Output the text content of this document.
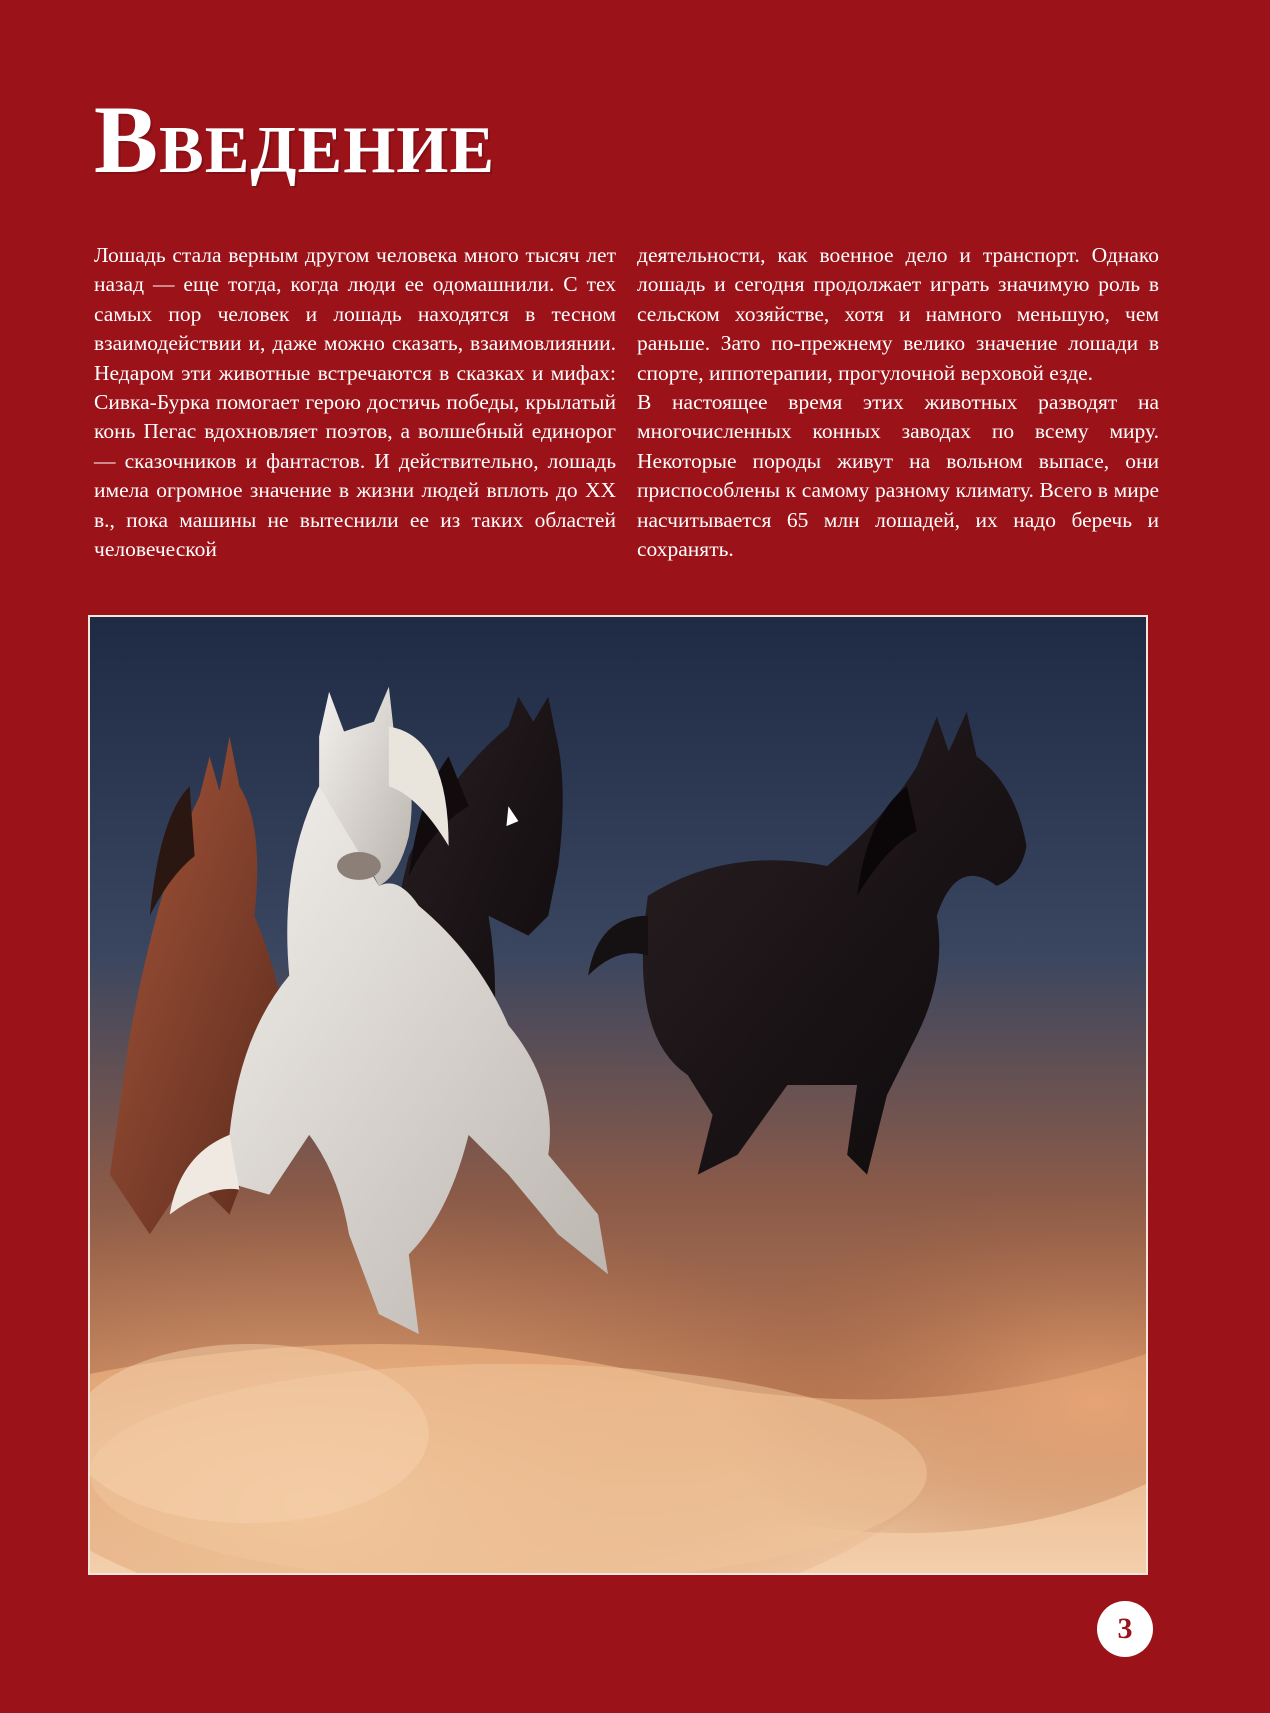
Введение

Лошадь стала верным другом человека много тысяч лет назад — еще тогда, когда люди ее одомашнили. С тех самых пор человек и лошадь находятся в тесном взаимодействии и, даже можно сказать, взаимовлиянии. Недаром эти животные встречаются в сказках и мифах: Сивка-Бурка помогает герою достичь победы, крылатый конь Пегас вдохновляет поэтов, а волшебный единорог — сказочников и фантастов. И действительно, лошадь имела огромное значение в жизни людей вплоть до XX в., пока машины не вытеснили ее из таких областей человеческой

деятельности, как военное дело и транспорт. Однако лошадь и сегодня продолжает играть значимую роль в сельском хозяйстве, хотя и намного меньшую, чем раньше. Зато по-прежнему велико значение лошади в спорте, иппотерапии, прогулочной верховой езде.

В настоящее время этих животных разводят на многочисленных конных заводах по всему миру. Некоторые породы живут на вольном выпасе, они приспособлены к самому разному климату. Всего в мире насчитывается 65 млн лошадей, их надо беречь и сохранять.

3
